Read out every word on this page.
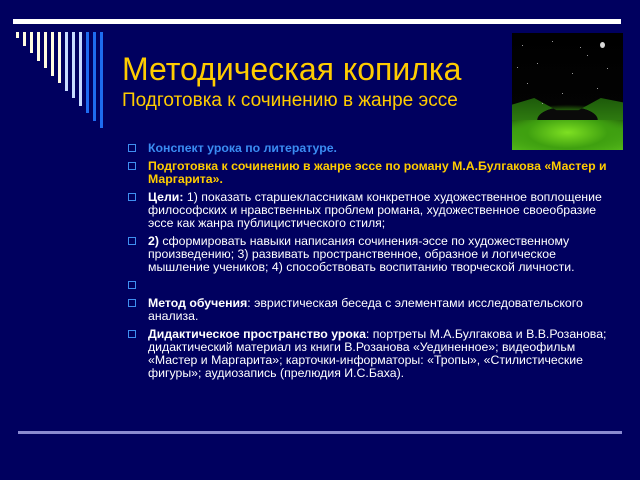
Методическая копилка
Подготовка к сочинению в жанре эссе
Конспект урока по литературе.
Подготовка к сочинению в жанре эссе по роману М.А.Булгакова «Мастер и Маргарита».
Цели: 1) показать старшеклассникам конкретное художественное воплощение философских и нравственных проблем романа, художественное своеобразие эссе как жанра публицистического стиля;
2) сформировать навыки написания сочинения-эссе по художественному произведению; 3) развивать пространственное, образное и логическое мышление учеников; 4) способствовать воспитанию творческой личности.
Метод обучения: эвристическая беседа с элементами исследовательского анализа.
Дидактическое пространство урока: портреты М.А.Булгакова и В.В.Розанова; дидактический материал из книги В.Розанова «Уединенное»; видеофильм «Мастер и Маргарита»; карточки-информаторы: «Тропы», «Стилистические фигуры»; аудиозапись (прелюдия И.С.Баха).
